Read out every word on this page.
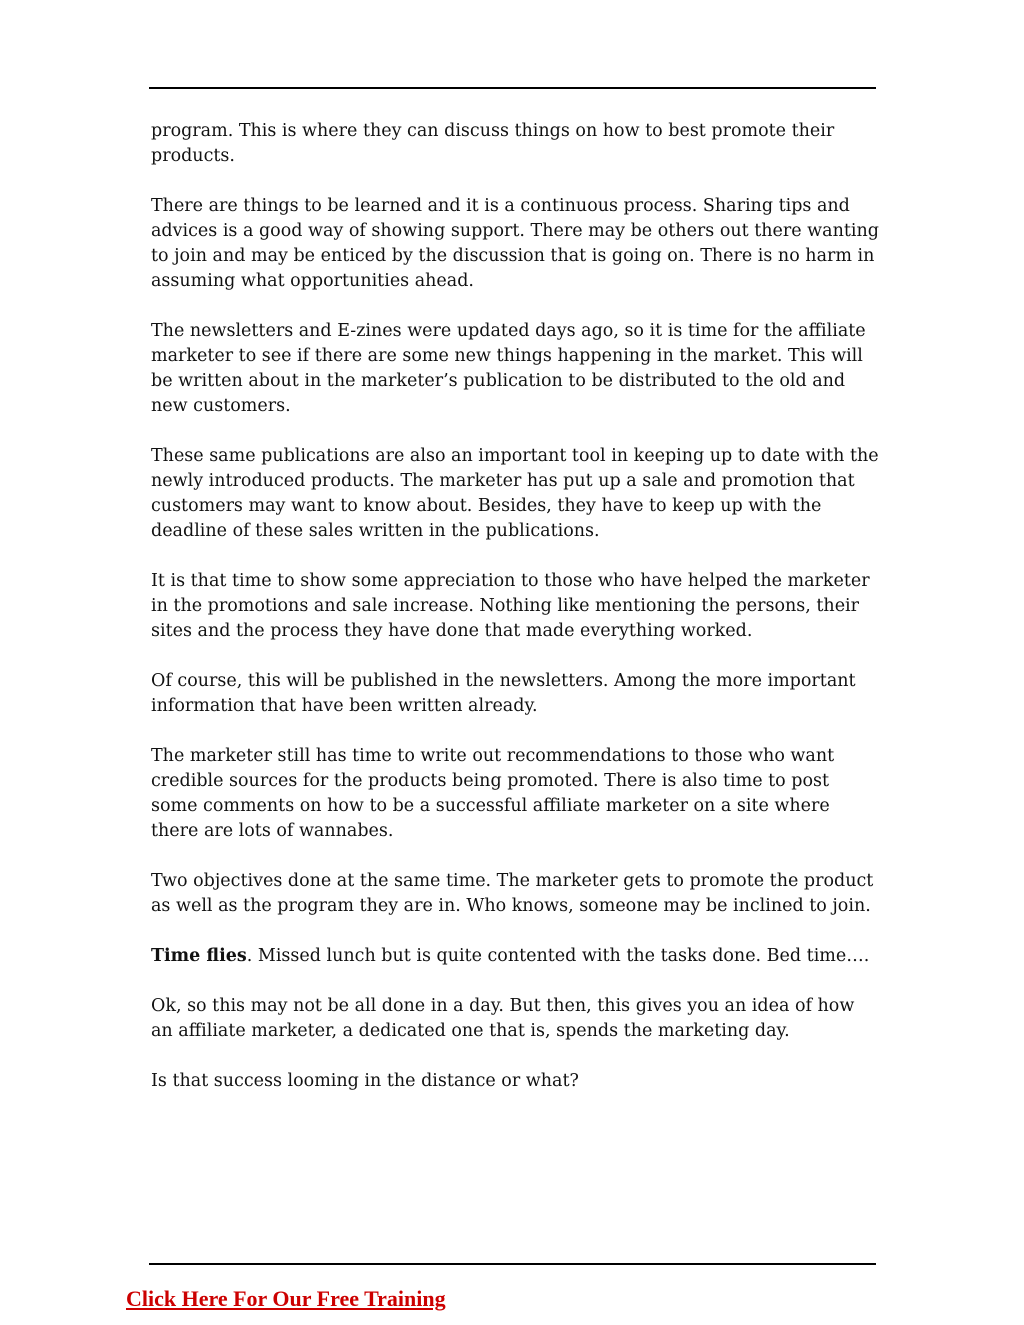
program. This is where they can discuss things on how to best promote their products.

There are things to be learned and it is a continuous process. Sharing tips and advices is a good way of showing support. There may be others out there wanting to join and may be enticed by the discussion that is going on. There is no harm in assuming what opportunities ahead.

The newsletters and E-zines were updated days ago, so it is time for the affiliate marketer to see if there are some new things happening in the market. This will be written about in the marketer’s publication to be distributed to the old and new customers.

These same publications are also an important tool in keeping up to date with the newly introduced products. The marketer has put up a sale and promotion that customers may want to know about. Besides, they have to keep up with the deadline of these sales written in the publications.

It is that time to show some appreciation to those who have helped the marketer in the promotions and sale increase. Nothing like mentioning the persons, their sites and the process they have done that made everything worked.

Of course, this will be published in the newsletters. Among the more important information that have been written already.

The marketer still has time to write out recommendations to those who want credible sources for the products being promoted. There is also time to post some comments on how to be a successful affiliate marketer on a site where there are lots of wannabes.

Two objectives done at the same time. The marketer gets to promote the product as well as the program they are in. Who knows, someone may be inclined to join.

Time flies. Missed lunch but is quite contented with the tasks done. Bed time….

Ok, so this may not be all done in a day. But then, this gives you an idea of how an affiliate marketer, a dedicated one that is, spends the marketing day.

Is that success looming in the distance or what?

Click Here For Our Free Training
